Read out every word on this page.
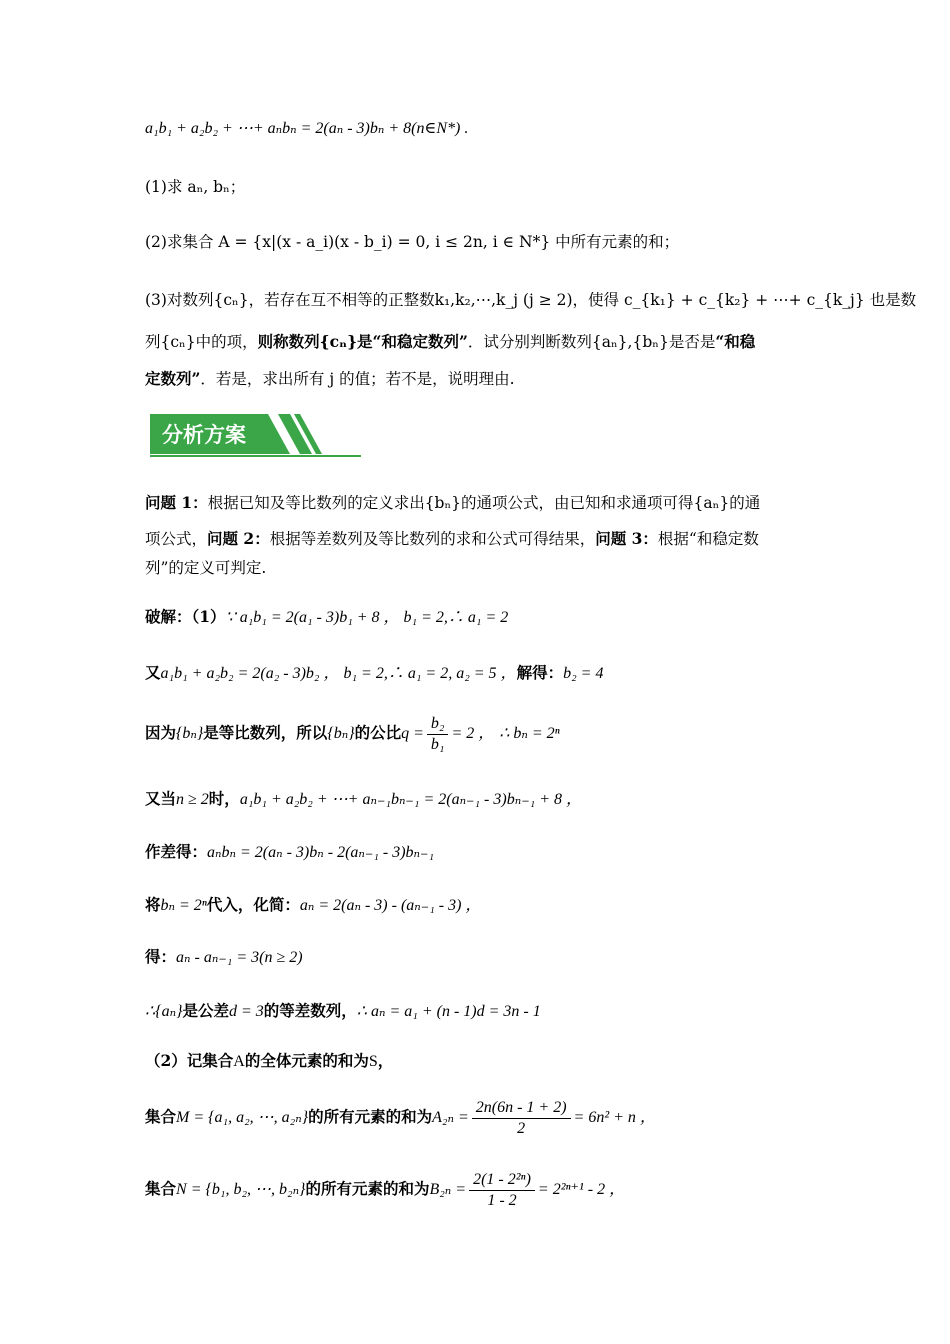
a₁b₁ + a₂b₂ + ⋯+ aₙbₙ = 2(aₙ - 3)bₙ + 8(n∈N*) .
(1)求 aₙ, bₙ；
(2)求集合 A = {x|(x - a_i)(x - b_i) = 0, i ≤ 2n, i ∈ N*} 中所有元素的和；
(3)对数列{cₙ}，若存在互不相等的正整数k₁,k₂,⋯,k_j (j ≥ 2)，使得 c_{k₁} + c_{k₂} + ⋯+ c_{k_j} 也是数
列{cₙ}中的项，则称数列{cₙ}是“和稳定数列”．试分别判断数列{aₙ},{bₙ}是否是“和稳
定数列”．若是，求出所有 j 的值；若不是，说明理由.
分析方案
问题 1：根据已知及等比数列的定义求出{bₙ}的通项公式，由已知和求通项可得{aₙ}的通
项公式，问题 2：根据等差数列及等比数列的求和公式可得结果，问题 3：根据“和稳定数
列”的定义可判定.
破解：（1）∵ a₁b₁ = 2(a₁ - 3)b₁ + 8 ， b₁ = 2,∴ a₁ = 2
又a₁b₁ + a₂b₂ = 2(a₂ - 3)b₂ ， b₁ = 2,∴ a₁ = 2, a₂ = 5 ，解得：b₂ = 4
因为{bₙ}是等比数列，所以{bₙ}的公比$q = \frac{\text{b₂}}{\text{b₁}} = 2$ ， ∴ bₙ = 2ⁿ
又当n ≥ 2时，a₁b₁ + a₂b₂ + ⋯+ aₙ₋₁bₙ₋₁ = 2(aₙ₋₁ - 3)bₙ₋₁ + 8 ，
作差得：aₙbₙ = 2(aₙ - 3)bₙ - 2(aₙ₋₁ - 3)bₙ₋₁
将bₙ = 2ⁿ代入，化简：aₙ = 2(aₙ - 3) - (aₙ₋₁ - 3) ，
得：aₙ - aₙ₋₁ = 3(n ≥ 2)
∴{aₙ}是公差d = 3的等差数列，∴ aₙ = a₁ + (n - 1)d = 3n - 1
（2）记集合A的全体元素的和为S，
集合M = {a₁, a₂, ⋯, a₂ₙ}的所有元素的和为$A_{2n} = \frac{2n(6n - 1 + 2)}{2} = 6n^2 + n$ ，
集合N = {b₁, b₂, ⋯, b₂ₙ}的所有元素的和为$B_{2n} = \frac{\text{2(1 - 2²ⁿ)}}{1 - 2} = 2^{2n+1} - 2$ ，
